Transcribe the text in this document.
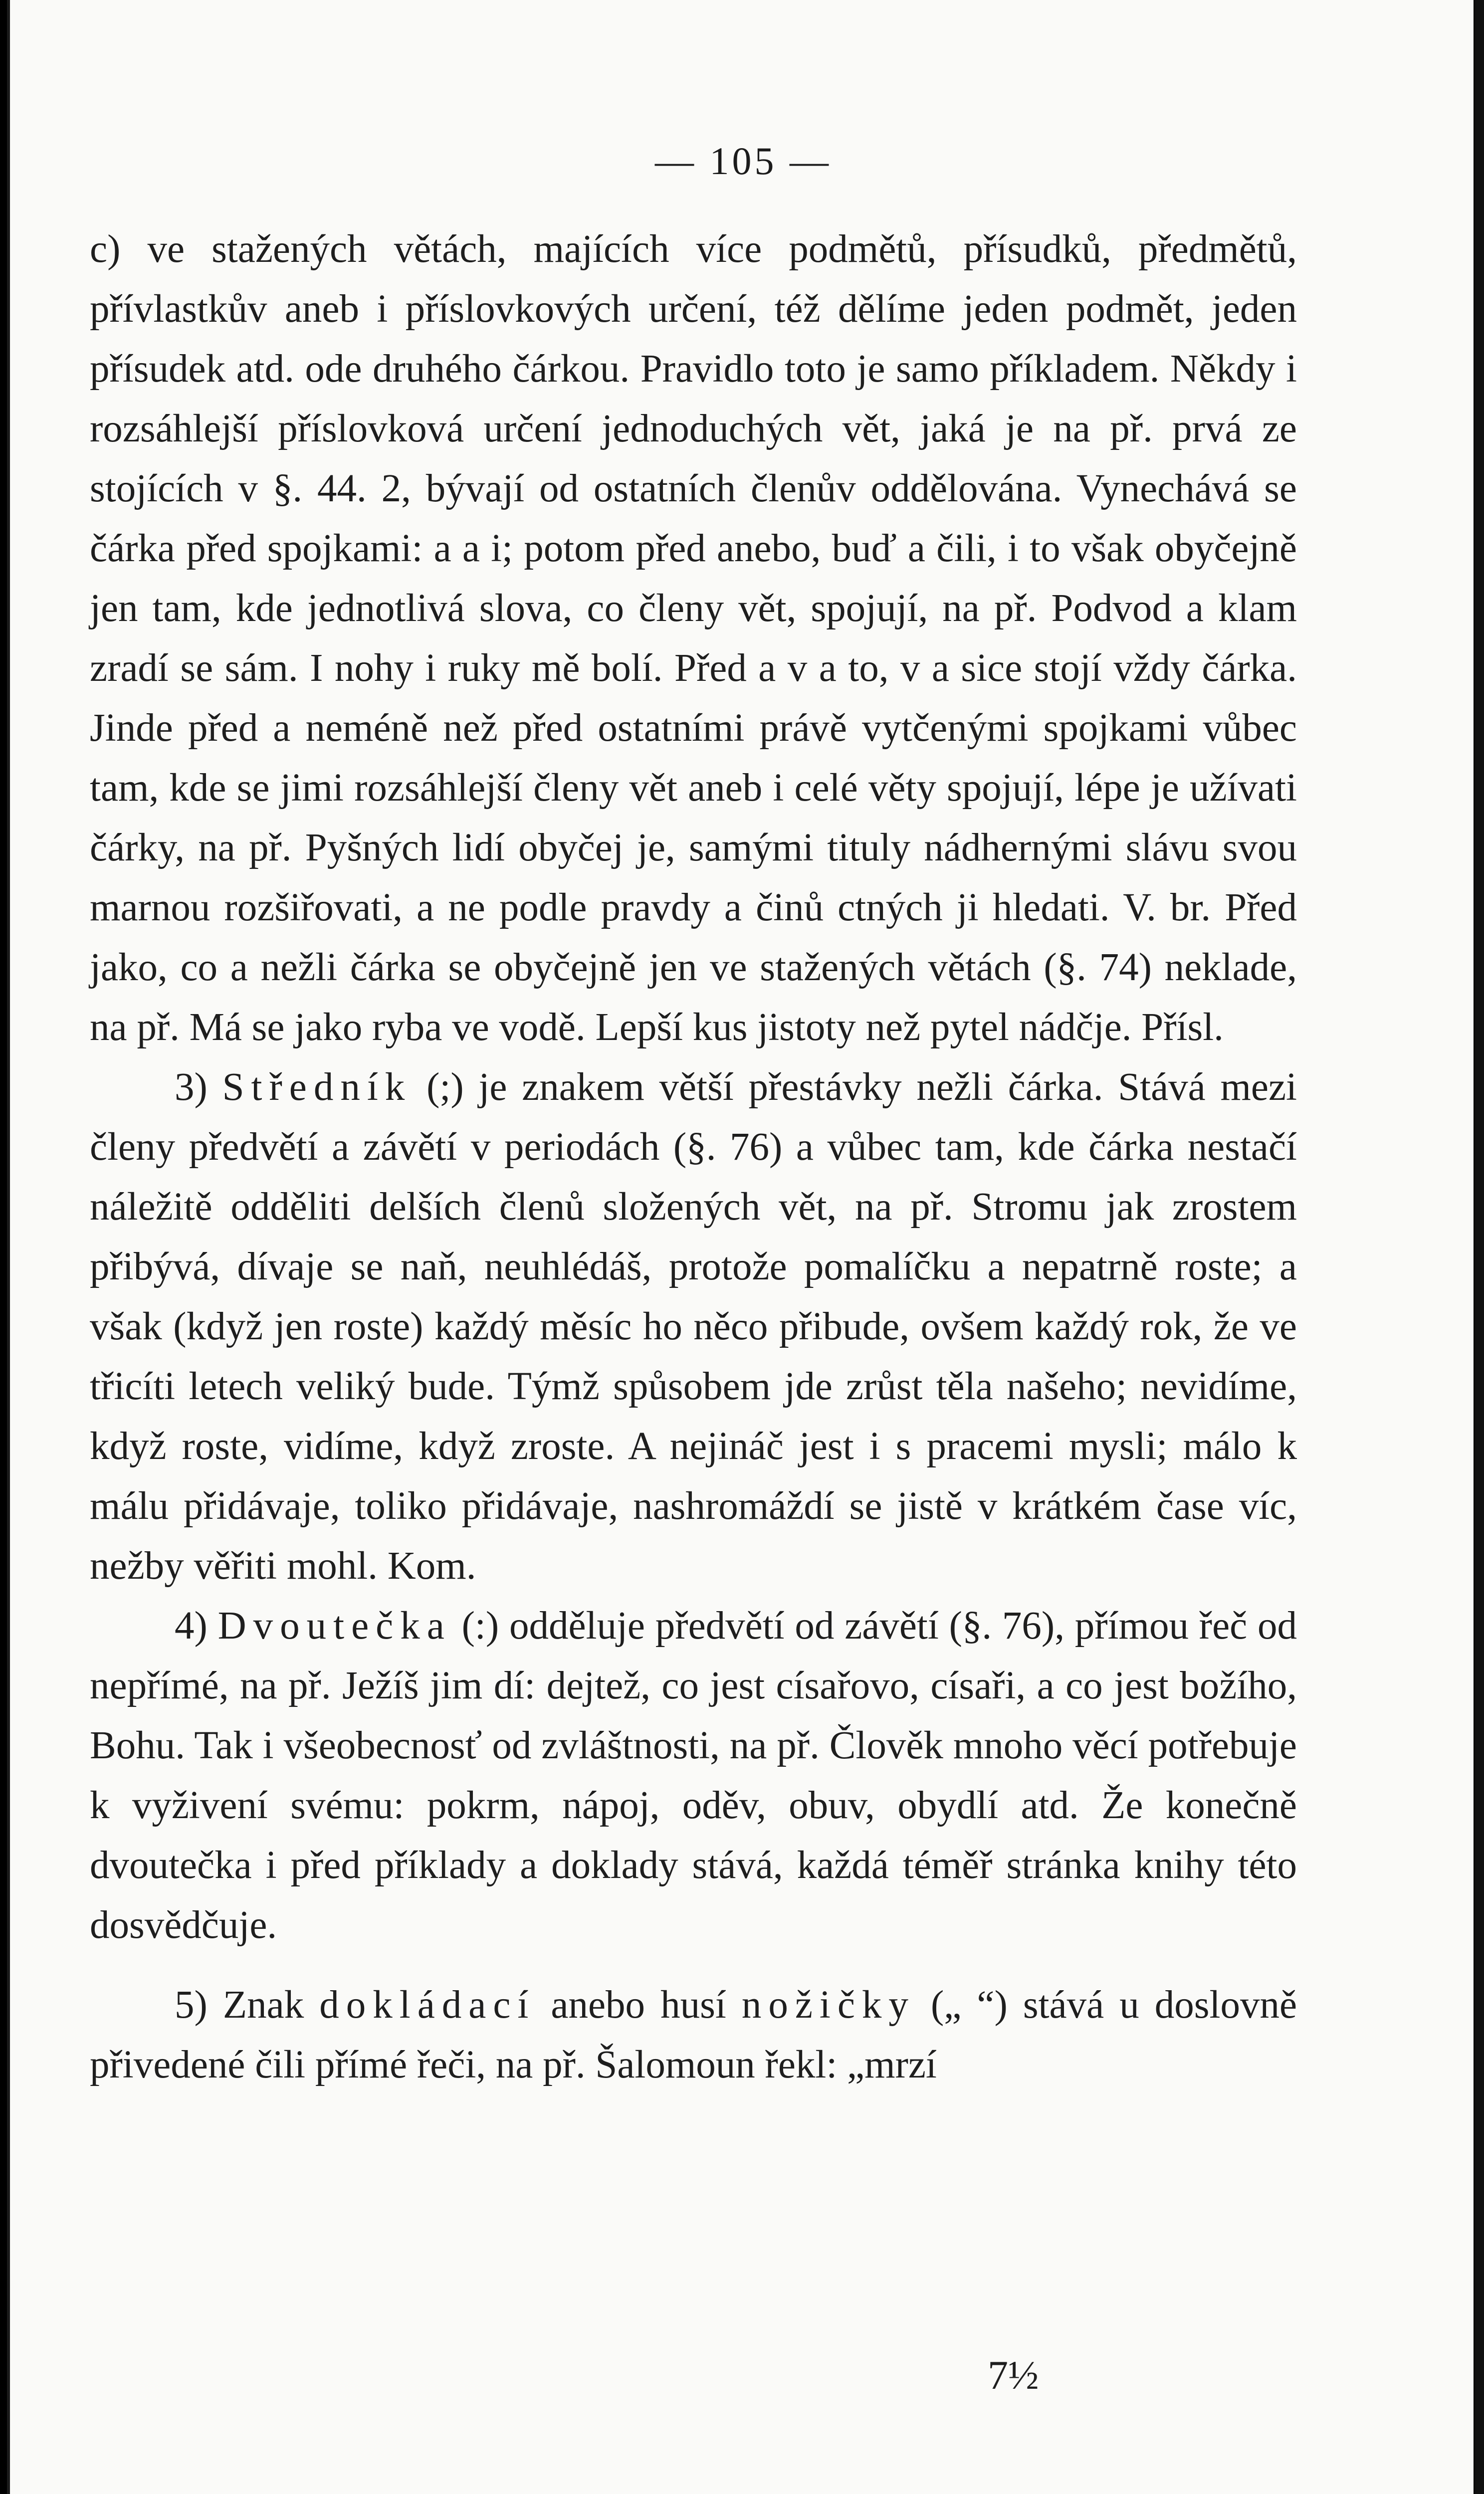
— 105 —

c) ve stažených větách, majících více podmětů, přísudků, předmětů, přívlastkův aneb i příslovkových určení, též dělíme jeden podmět, jeden přísudek atd. ode druhého čárkou. Pravidlo toto je samo příkladem. Někdy i rozsáhlejší příslovková určení jednoduchých vět, jaká je na př. prvá ze stojících v §. 44. 2, bývají od ostatních členův oddělována. Vynechává se čárka před spojkami: a a i; potom před anebo, buď a čili, i to však obyčejně jen tam, kde jednotlivá slova, co členy vět, spojují, na př. Podvod a klam zradí se sám. I nohy i ruky mě bolí. Před a v a to, v a sice stojí vždy čárka. Jinde před a neméně než před ostatními právě vytčenými spojkami vůbec tam, kde se jimi rozsáhlejší členy vět aneb i celé věty spojují, lépe je užívati čárky, na př. Pyšných lidí obyčej je, samými tituly nádhernými slávu svou marnou rozšiřovati, a ne podle pravdy a činů ctných ji hledati. V. br. Před jako, co a nežli čárka se obyčejně jen ve stažených větách (§. 74) neklade, na př. Má se jako ryba ve vodě. Lepší kus jistoty než pytel nádčje. Přísl.

3) Středník (;) je znakem větší přestávky nežli čárka. Stává mezi členy předvětí a závětí v periodách (§. 76) a vůbec tam, kde čárka nestačí náležitě odděliti delších členů složených vět, na př. Stromu jak zrostem přibývá, dívaje se naň, neuhlédáš, protože pomalíčku a nepatrně roste; a však (když jen roste) každý měsíc ho něco přibude, ovšem každý rok, že ve třicíti letech veliký bude. Týmž spůsobem jde zrůst těla našeho; nevidíme, když roste, vidíme, když zroste. A nejináč jest i s pracemi mysli; málo k málu přidávaje, toliko přidávaje, nashromáždí se jistě v krátkém čase víc, nežby věřiti mohl. Kom.

4) Dvoutečka (:) odděluje předvětí od závětí (§. 76), přímou řeč od nepřímé, na př. Ježíš jim dí: dejtež, co jest císařovo, císaři, a co jest božího, Bohu. Tak i všeobecnosť od zvláštnosti, na př. Člověk mnoho věcí potřebuje k vyživení svému: pokrm, nápoj, oděv, obuv, obydlí atd. Že konečně dvoutečka i před příklady a doklady stává, každá téměř stránka knihy této dosvědčuje.

5) Znak dokládací anebo husí nožičky („ “) stává u doslovně přivedené čili přímé řeči, na př. Šalomoun řekl: „mrzí

7½
